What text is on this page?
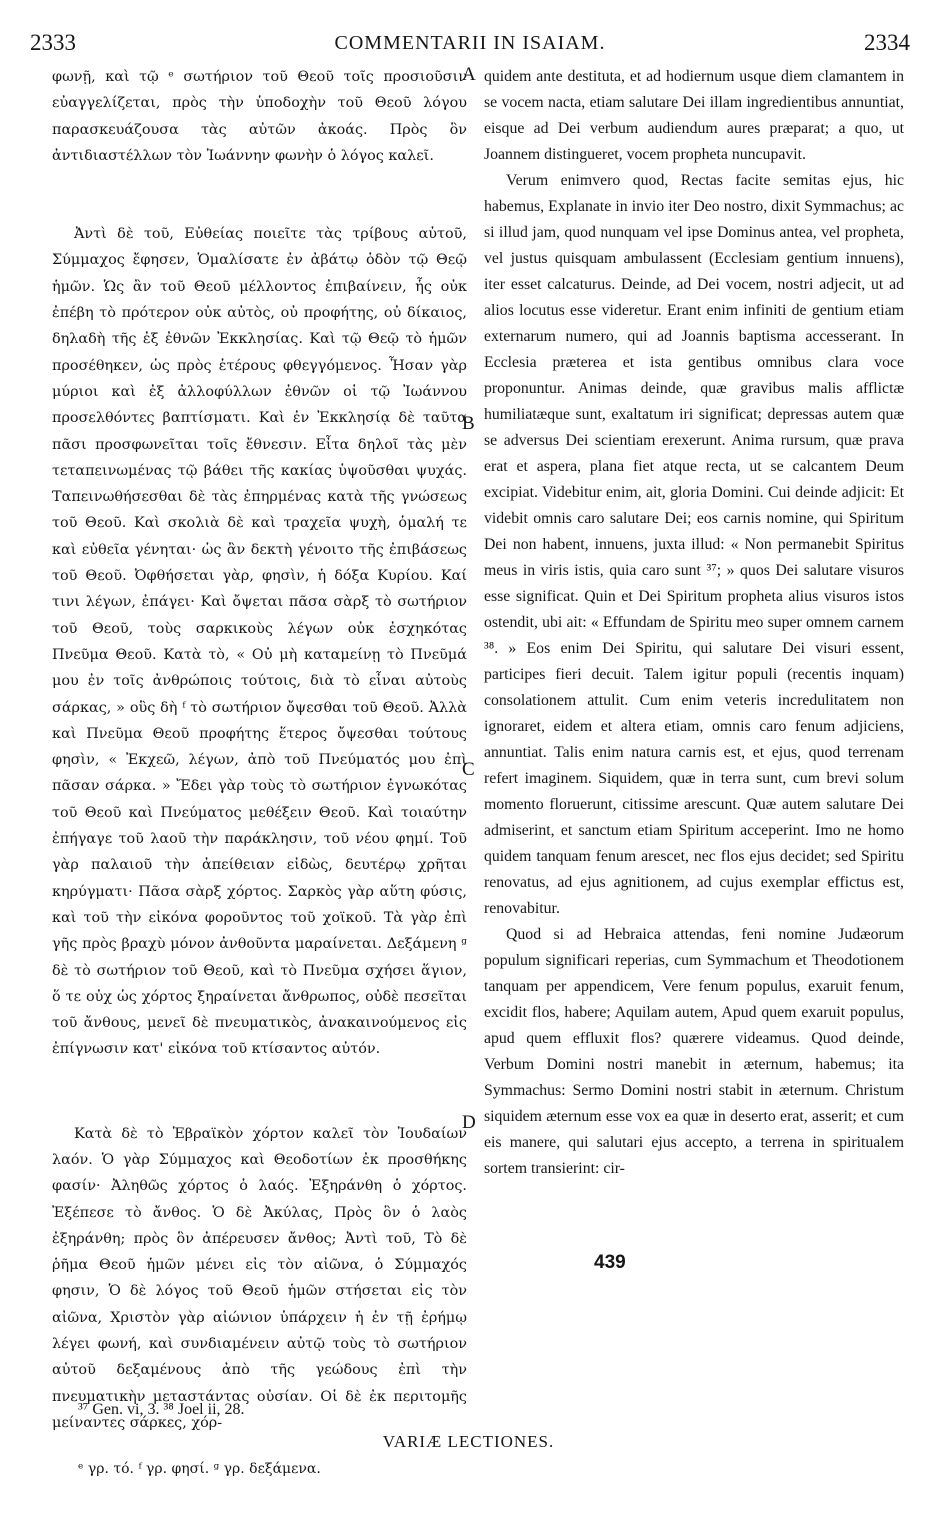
2333	COMMENTARII IN ISAIAM.	2334

φωνῇ, καὶ τῷ ᵉ σωτήριον τοῦ Θεοῦ τοῖς προσιοῦσιν εὐαγγελίζεται, πρὸς τὴν ὑποδοχὴν τοῦ Θεοῦ λόγου παρασκευάζουσα τὰς αὐτῶν ἀκοάς. Πρὸς ὃν ἀντιδιαστέλλων τὸν Ἰωάννην φωνὴν ὁ λόγος καλεῖ.

Ἀντὶ δὲ τοῦ, Εὐθείας ποιεῖτε τὰς τρίβους αὐτοῦ, Σύμμαχος ἔφησεν, Ὁμαλίσατε ἐν ἀβάτῳ ὁδὸν τῷ Θεῷ ἡμῶν. Ὡς ἂν τοῦ Θεοῦ μέλλοντος ἐπιβαίνειν, ἧς οὐκ ἐπέβη τὸ πρότερον οὐκ αὐτὸς, οὐ προφήτης, οὐ δίκαιος, δηλαδὴ τῆς ἐξ ἐθνῶν Ἐκκλησίας. Καὶ τῷ Θεῷ τὸ ἡμῶν προσέθηκεν, ὡς πρὸς ἑτέρους φθεγγόμενος. Ἦσαν γὰρ μύριοι καὶ ἐξ ἀλλοφύλλων ἐθνῶν οἱ τῷ Ἰωάννου προσελθόντες βαπτίσματι. Καὶ ἐν Ἐκκλησίᾳ δὲ ταῦτα πᾶσι προσφωνεῖται τοῖς ἔθνεσιν. Εἶτα δηλοῖ τὰς μὲν τεταπεινωμένας τῷ βάθει τῆς κακίας ὑψοῦσθαι ψυχάς. Ταπεινωθήσεσθαι δὲ τὰς ἐπηρμένας κατὰ τῆς γνώσεως τοῦ Θεοῦ. Καὶ σκολιὰ δὲ καὶ τραχεῖα ψυχὴ, ὁμαλή τε καὶ εὐθεῖα γένηται· ὡς ἂν δεκτὴ γένοιτο τῆς ἐπιβάσεως τοῦ Θεοῦ. Ὀφθήσεται γὰρ, φησὶν, ἡ δόξα Κυρίου. Καί τινι λέγων, ἐπάγει· Καὶ ὄψεται πᾶσα σὰρξ τὸ σωτήριον τοῦ Θεοῦ, τοὺς σαρκικοὺς λέγων οὐκ ἐσχηκότας Πνεῦμα Θεοῦ. Κατὰ τὸ, « Οὐ μὴ καταμείνῃ τὸ Πνεῦμά μου ἐν τοῖς ἀνθρώποις τούτοις, διὰ τὸ εἶναι αὐτοὺς σάρκας, » οὓς δὴ ᶠ τὸ σωτήριον ὄψεσθαι τοῦ Θεοῦ. Ἀλλὰ καὶ Πνεῦμα Θεοῦ προφήτης ἕτερος ὄψεσθαι τούτους φησὶν, « Ἐκχεῶ, λέγων, ἀπὸ τοῦ Πνεύματός μου ἐπὶ πᾶσαν σάρκα. » Ἔδει γὰρ τοὺς τὸ σωτήριον ἐγνωκότας τοῦ Θεοῦ καὶ Πνεύματος μεθέξειν Θεοῦ. Καὶ τοιαύτην ἐπήγαγε τοῦ λαοῦ τὴν παράκλησιν, τοῦ νέου φημί. Τοῦ γὰρ παλαιοῦ τὴν ἀπείθειαν εἰδὼς, δευτέρῳ χρῆται κηρύγματι· Πᾶσα σὰρξ χόρτος. Σαρκὸς γὰρ αὕτη φύσις, καὶ τοῦ τὴν εἰκόνα φοροῦντος τοῦ χοϊκοῦ. Τὰ γὰρ ἐπὶ γῆς πρὸς βραχὺ μόνον ἀνθοῦντα μαραίνεται. Δεξάμενη ᵍ δὲ τὸ σωτήριον τοῦ Θεοῦ, καὶ τὸ Πνεῦμα σχήσει ἅγιον, ὅ τε οὐχ ὡς χόρτος ξηραίνεται ἄνθρωπος, οὐδὲ πεσεῖται τοῦ ἄνθους, μενεῖ δὲ πνευματικὸς, ἀνακαινούμενος εἰς ἐπίγνωσιν κατ' εἰκόνα τοῦ κτίσαντος αὐτόν.

Κατὰ δὲ τὸ Ἑβραϊκὸν χόρτον καλεῖ τὸν Ἰουδαίων λαόν. Ὁ γὰρ Σύμμαχος καὶ Θεοδοτίων ἐκ προσθήκης φασίν· Ἀληθῶς χόρτος ὁ λαός. Ἐξηράνθη ὁ χόρτος. Ἐξέπεσε τὸ ἄνθος. Ὁ δὲ Ἀκύλας, Πρὸς ὃν ὁ λαὸς ἐξηράνθη; πρὸς ὃν ἀπέρευσεν ἄνθος; Ἀντὶ τοῦ, Τὸ δὲ ῥῆμα Θεοῦ ἡμῶν μένει εἰς τὸν αἰῶνα, ὁ Σύμμαχός φησιν, Ὁ δὲ λόγος τοῦ Θεοῦ ἡμῶν στήσεται εἰς τὸν αἰῶνα, Χριστὸν γὰρ αἰώνιον ὑπάρχειν ἡ ἐν τῇ ἐρήμῳ λέγει φωνή, καὶ συνδιαμένειν αὐτῷ τοὺς τὸ σωτήριον αὐτοῦ δεξαμένους ἀπὸ τῆς γεώδους ἐπὶ τὴν πνευματικὴν μεταστάντας οὐσίαν. Οἱ δὲ ἐκ περιτομῆς μείναντες σάρκες, χόρ-

quidem ante destituta, et ad hodiernum usque diem clamantem in se vocem nacta, etiam salutare Dei illam ingredientibus annuntiat, eisque ad Dei verbum audiendum aures præparat; a quo, ut Joannem distingueret, vocem propheta nuncupavit.

Verum enimvero quod, Rectas facite semitas ejus, hic habemus, Explanate in invio iter Deo nostro, dixit Symmachus; ac si illud jam, quod nunquam vel ipse Dominus antea, vel propheta, vel justus quisquam ambulassent (Ecclesiam gentium innuens), iter esset calcaturus. Deinde, ad Dei vocem, nostri adjecit, ut ad alios locutus esse videretur. Erant enim infiniti de gentium etiam externarum numero, qui ad Joannis baptisma accesserant. In Ecclesia præterea et ista gentibus omnibus clara voce proponuntur. Animas deinde, quæ gravibus malis afflictæ humiliatæque sunt, exaltatum iri significat; depressas autem quæ se adversus Dei scientiam erexerunt. Anima rursum, quæ prava erat et aspera, plana fiet atque recta, ut se calcantem Deum excipiat. Videbitur enim, ait, gloria Domini. Cui deinde adjicit: Et videbit omnis caro salutare Dei; eos carnis nomine, qui Spiritum Dei non habent, innuens, juxta illud: « Non permanebit Spiritus meus in viris istis, quia caro sunt ³⁷; » quos Dei salutare visuros esse significat. Quin et Dei Spiritum propheta alius visuros istos ostendit, ubi ait: « Effundam de Spiritu meo super omnem carnem ³⁸. » Eos enim Dei Spiritu, qui salutare Dei visuri essent, participes fieri decuit. Talem igitur populi (recentis inquam) consolationem attulit. Cum enim veteris incredulitatem non ignoraret, eidem et altera etiam, omnis caro fenum adjiciens, annuntiat. Talis enim natura carnis est, et ejus, quod terrenam refert imaginem. Siquidem, quæ in terra sunt, cum brevi solum momento floruerunt, citissime arescunt. Quæ autem salutare Dei admiserint, et sanctum etiam Spiritum acceperint. Imo ne homo quidem tanquam fenum arescet, nec flos ejus decidet; sed Spiritu renovatus, ad ejus agnitionem, ad cujus exemplar effictus est, renovabitur.

Quod si ad Hebraica attendas, feni nomine Judæorum populum significari reperias, cum Symmachum et Theodotionem tanquam per appendicem, Vere fenum populus, exaruit fenum, excidit flos, habere; Aquilam autem, Apud quem exaruit populus, apud quem effluxit flos? quærere videamus. Quod deinde, Verbum Domini nostri manebit in æternum, habemus; ita Symmachus: Sermo Domini nostri stabit in æternum. Christum siquidem æternum esse vox ea quæ in deserto erat, asserit; et cum eis manere, qui salutari ejus accepto, a terrena in spiritualem sortem transierint: cir-

A
B
C
D
439
³⁷ Gen. vi, 3. ³⁸ Joel ii, 28.
VARIÆ LECTIONES.
ᵉ γρ. τό. ᶠ γρ. φησί. ᵍ γρ. δεξάμενα.
